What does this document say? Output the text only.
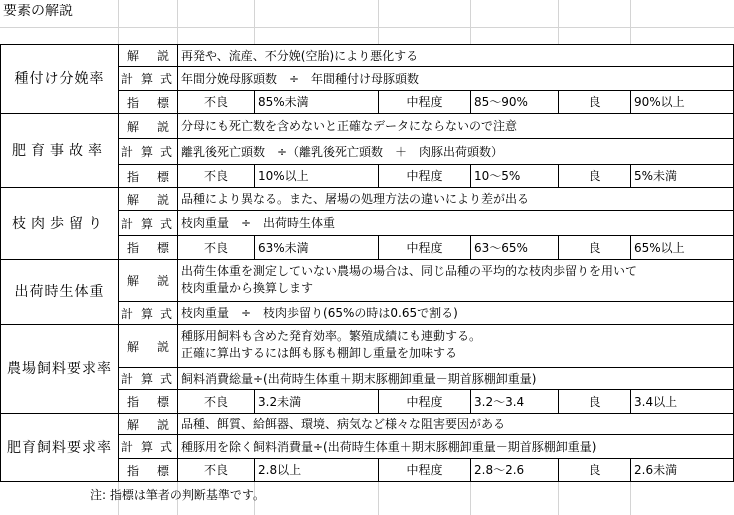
要素の解説
種付け分娩率
解 説 再発や、流産、不分娩(空胎)により悪化する
計 算 式 年間分娩母豚頭数　÷　年間種付け母豚頭数
指 標	不良	85%未満	中程度	85～90%	良	90%以上
肥育事故率
解 説 分母にも死亡数を含めないと正確なデータにならないので注意
計 算 式 離乳後死亡頭数　÷（離乳後死亡頭数　＋　肉豚出荷頭数）
指 標	不良	10%以上	中程度	10～5%	良	5%未満
枝肉歩留り
解 説 品種により異なる。また、屠場の処理方法の違いにより差が出る
計 算 式 枝肉重量　÷　出荷時生体重
指 標	不良	63%未満	中程度	63～65%	良	65%以上
出荷時生体重
解 説
出荷生体重を測定していない農場の場合は、同じ品種の平均的な枝肉歩留りを用いて
枝肉重量から換算します
計 算 式 枝肉重量　÷　枝肉歩留り(65%の時は0.65で割る)
農場飼料要求率
解 説
種豚用飼料も含めた発育効率。繁殖成績にも連動する。
正確に算出するには餌も豚も棚卸し重量を加味する
計 算 式 飼料消費総量÷(出荷時生体重＋期末豚棚卸重量－期首豚棚卸重量)
指 標	不良	3.2未満	中程度	3.2～3.4	良	3.4以上
肥育飼料要求率
解 説 品種、餌質、給餌器、環境、病気など様々な阻害要因がある
計 算 式 種豚用を除く飼料消費量÷(出荷時生体重＋期末豚棚卸重量－期首豚棚卸重量)
指 標	不良	2.8以上	中程度	2.8～2.6	良	2.6未満
注: 指標は筆者の判断基準です。
